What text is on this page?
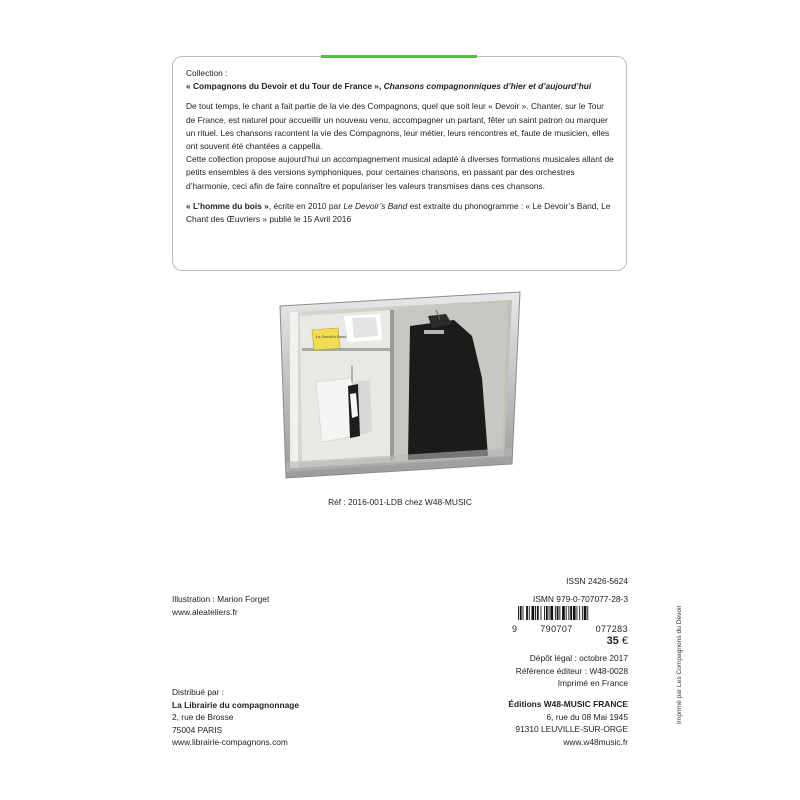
Collection :

« Compagnons du Devoir et du Tour de France », Chansons compagnonniques d’hier et d’aujourd’hui

De tout temps, le chant a fait partie de la vie des Compagnons, quel que soit leur « Devoir ». Chanter, sur le Tour de France, est naturel pour accueillir un nouveau venu, accompagner un partant, fêter un saint patron ou marquer un rituel. Les chansons racontent la vie des Compagnons, leur métier, leurs rencontres et, faute de musicien, elles ont souvent été chantées a cappella.

Cette collection propose aujourd’hui un accompagnement musical adapté à diverses formations musicales allant de petits ensembles à des versions symphoniques, pour certaines chansons, en passant par des orchestres d’harmonie, ceci afin de faire connaître et populariser les valeurs transmises dans ces chansons.

« L’homme du bois », écrite en 2010 par Le Devoir’s Band est extraite du phonogramme : « Le Devoir’s Band, Le Chant des Œuvriers » publié le 15 Avril 2016

Le Devoir's Band
Réf : 2016-001-LDB chez W48-MUSIC
ISSN 2426-5624
Illustration : Marion Forget
www.aleateliers.fr
ISMN 979-0-707077-28-3
9	790707	077283
35 €
Dépôt légal : octobre 2017
Référence éditeur : W48-0028
Imprimé en France
Distribué par :
La Librairie du compagnonnage
2, rue de Brosse
75004 PARIS
www.librairie-compagnons.com
Éditions W48-MUSIC FRANCE
6, rue du 08 Mai 1945
91310 LEUVILLE-SUR-ORGE
www.w48music.fr
Imprimé par Les Compagnons du Devoir
